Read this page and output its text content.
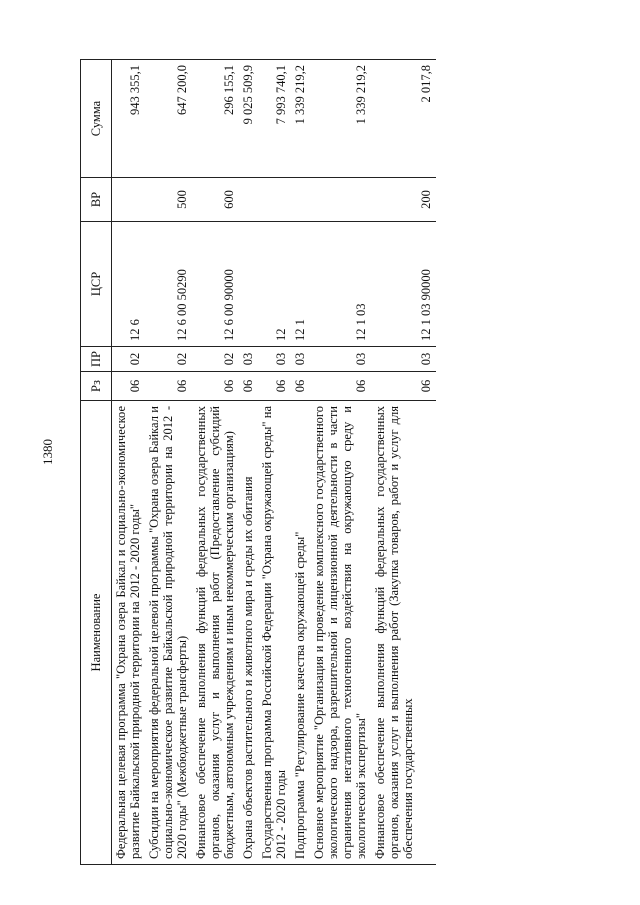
1380
Наименование	Рз	ПР	ЦСР	ВР	Сумма
Федеральная целевая программа "Охрана озера Байкал и социально-экономическое развитие Байкальской природной территории на 2012 - 2020 годы"	06	02	12 6		943 355,1
Субсидии на мероприятия федеральной целевой программы "Охрана озера Байкал и социально-экономическое развитие Байкальской природной территории на 2012 - 2020 годы" (Межбюджетные трансферты)	06	02	12 6 00 50290	500	647 200,0
Финансовое обеспечение выполнения функций федеральных государственных органов, оказания услуг и выполнения работ (Предоставление субсидий бюджетным, автономным учреждениям и иным некоммерческим организациям)	06	02	12 6 00 90000	600	296 155,1
Охрана объектов растительного и животного мира и среды их обитания	06	03			9 025 509,9
Государственная программа Российской Федерации "Охрана окружающей среды" на 2012 - 2020 годы	06	03	12		7 993 740,1
Подпрограмма "Регулирование качества окружающей среды"	06	03	12 1		1 339 219,2
Основное мероприятие "Организация и проведение комплексного государственного экологического надзора, разрешительной и лицензионной деятельности в части ограничения негативного техногенного воздействия на окружающую среду и экологической экспертизы"	06	03	12 1 03		1 339 219,2
Финансовое обеспечение выполнения функций федеральных государственных органов, оказания услуг и выполнения работ (Закупка товаров, работ и услуг для обеспечения государственных	06	03	12 1 03 90000	200	2 017,8
